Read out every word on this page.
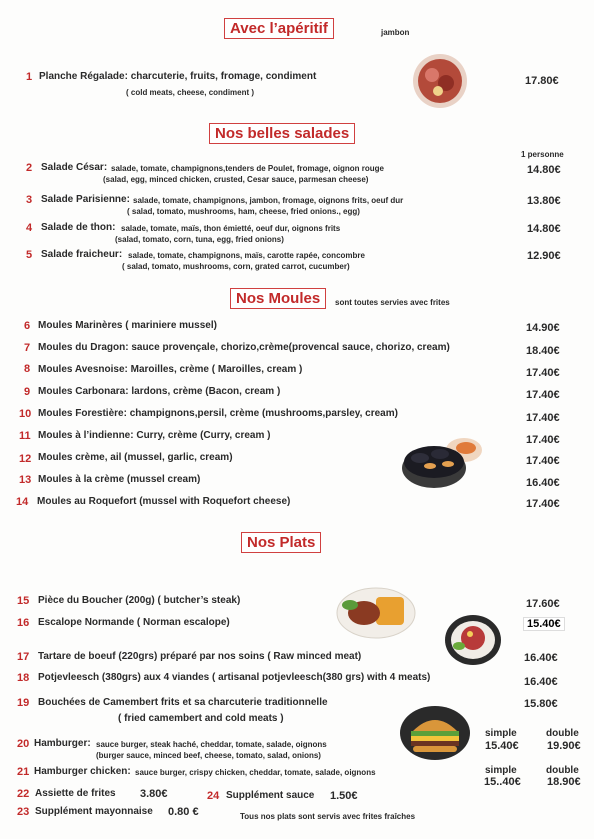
Avec l’apéritif	jambon
Nos belles salades
1 personne
Nos Moules	sont toutes servies avec frites
Nos Plats
1 Planche Régalade: charcuterie, fruits, fromage, condiment
( cold meats, cheese, condiment )
17.80€
2 Salade César: salade, tomate, champignons,tenders de Poulet, fromage, oignon rouge
(salad, egg, minced chicken, crusted, Cesar sauce, parmesan cheese)
14.80€
3 Salade Parisienne: salade, tomate, champignons, jambon, fromage, oignons frits, oeuf dur
( salad, tomato, mushrooms, ham, cheese, fried onions., egg)
13.80€
4 Salade de thon: salade, tomate, maïs, thon émietté, oeuf dur, oignons frits
(salad, tomato, corn, tuna, egg, fried onions)
14.80€
5 Salade fraicheur: salade, tomate, champignons, maïs, carotte rapée, concombre
( salad, tomato, mushrooms, corn, grated carrot, cucumber)
12.90€
6 Moules Marinères ( mariniere mussel)	14.90€
7 Moules du Dragon: sauce provençale, chorizo,crème(provencal sauce, chorizo, cream)	18.40€
8 Moules Avesnoise: Maroilles, crème ( Maroilles, cream )	17.40€
9 Moules Carbonara: lardons, crème (Bacon, cream )	17.40€
10 Moules Forestière: champignons,persil, crème (mushrooms,parsley, cream)	17.40€
11 Moules à l’indienne: Curry, crème (Curry, cream )	17.40€
12 Moules crème, ail (mussel, garlic, cream)	17.40€
13 Moules à la crème (mussel cream)	16.40€
14 Moules au Roquefort (mussel with Roquefort cheese)	17.40€
15 Pièce du Boucher (200g) ( butcher’s steak)	17.60€
16 Escalope Normande ( Norman escalope)	15.40€
17 Tartare de boeuf (220grs) préparé par nos soins ( Raw minced meat)	16.40€
18 Potjevleesch (380grs) aux 4 viandes ( artisanal potjevleesch(380 grs) with 4 meats)	16.40€
19 Bouchées de Camembert frits et sa charcuterie traditionnelle
( fried camembert and cold meats )
15.80€
simple	double
20 Hamburger: sauce burger, steak haché, cheddar, tomate, salade, oignons
(burger sauce, minced beef, cheese, tomato, salad, onions)
15.40€	19.90€
simple	double
21 Hamburger chicken: sauce burger, crispy chicken, cheddar, tomate, salade, oignons
15..40€ 18.90€
22 Assiette de frites 3.80€	24 Supplément sauce 1.50€
23 Supplément mayonnaise 0.80 €	Tous nos plats sont servis avec frites fraîches
